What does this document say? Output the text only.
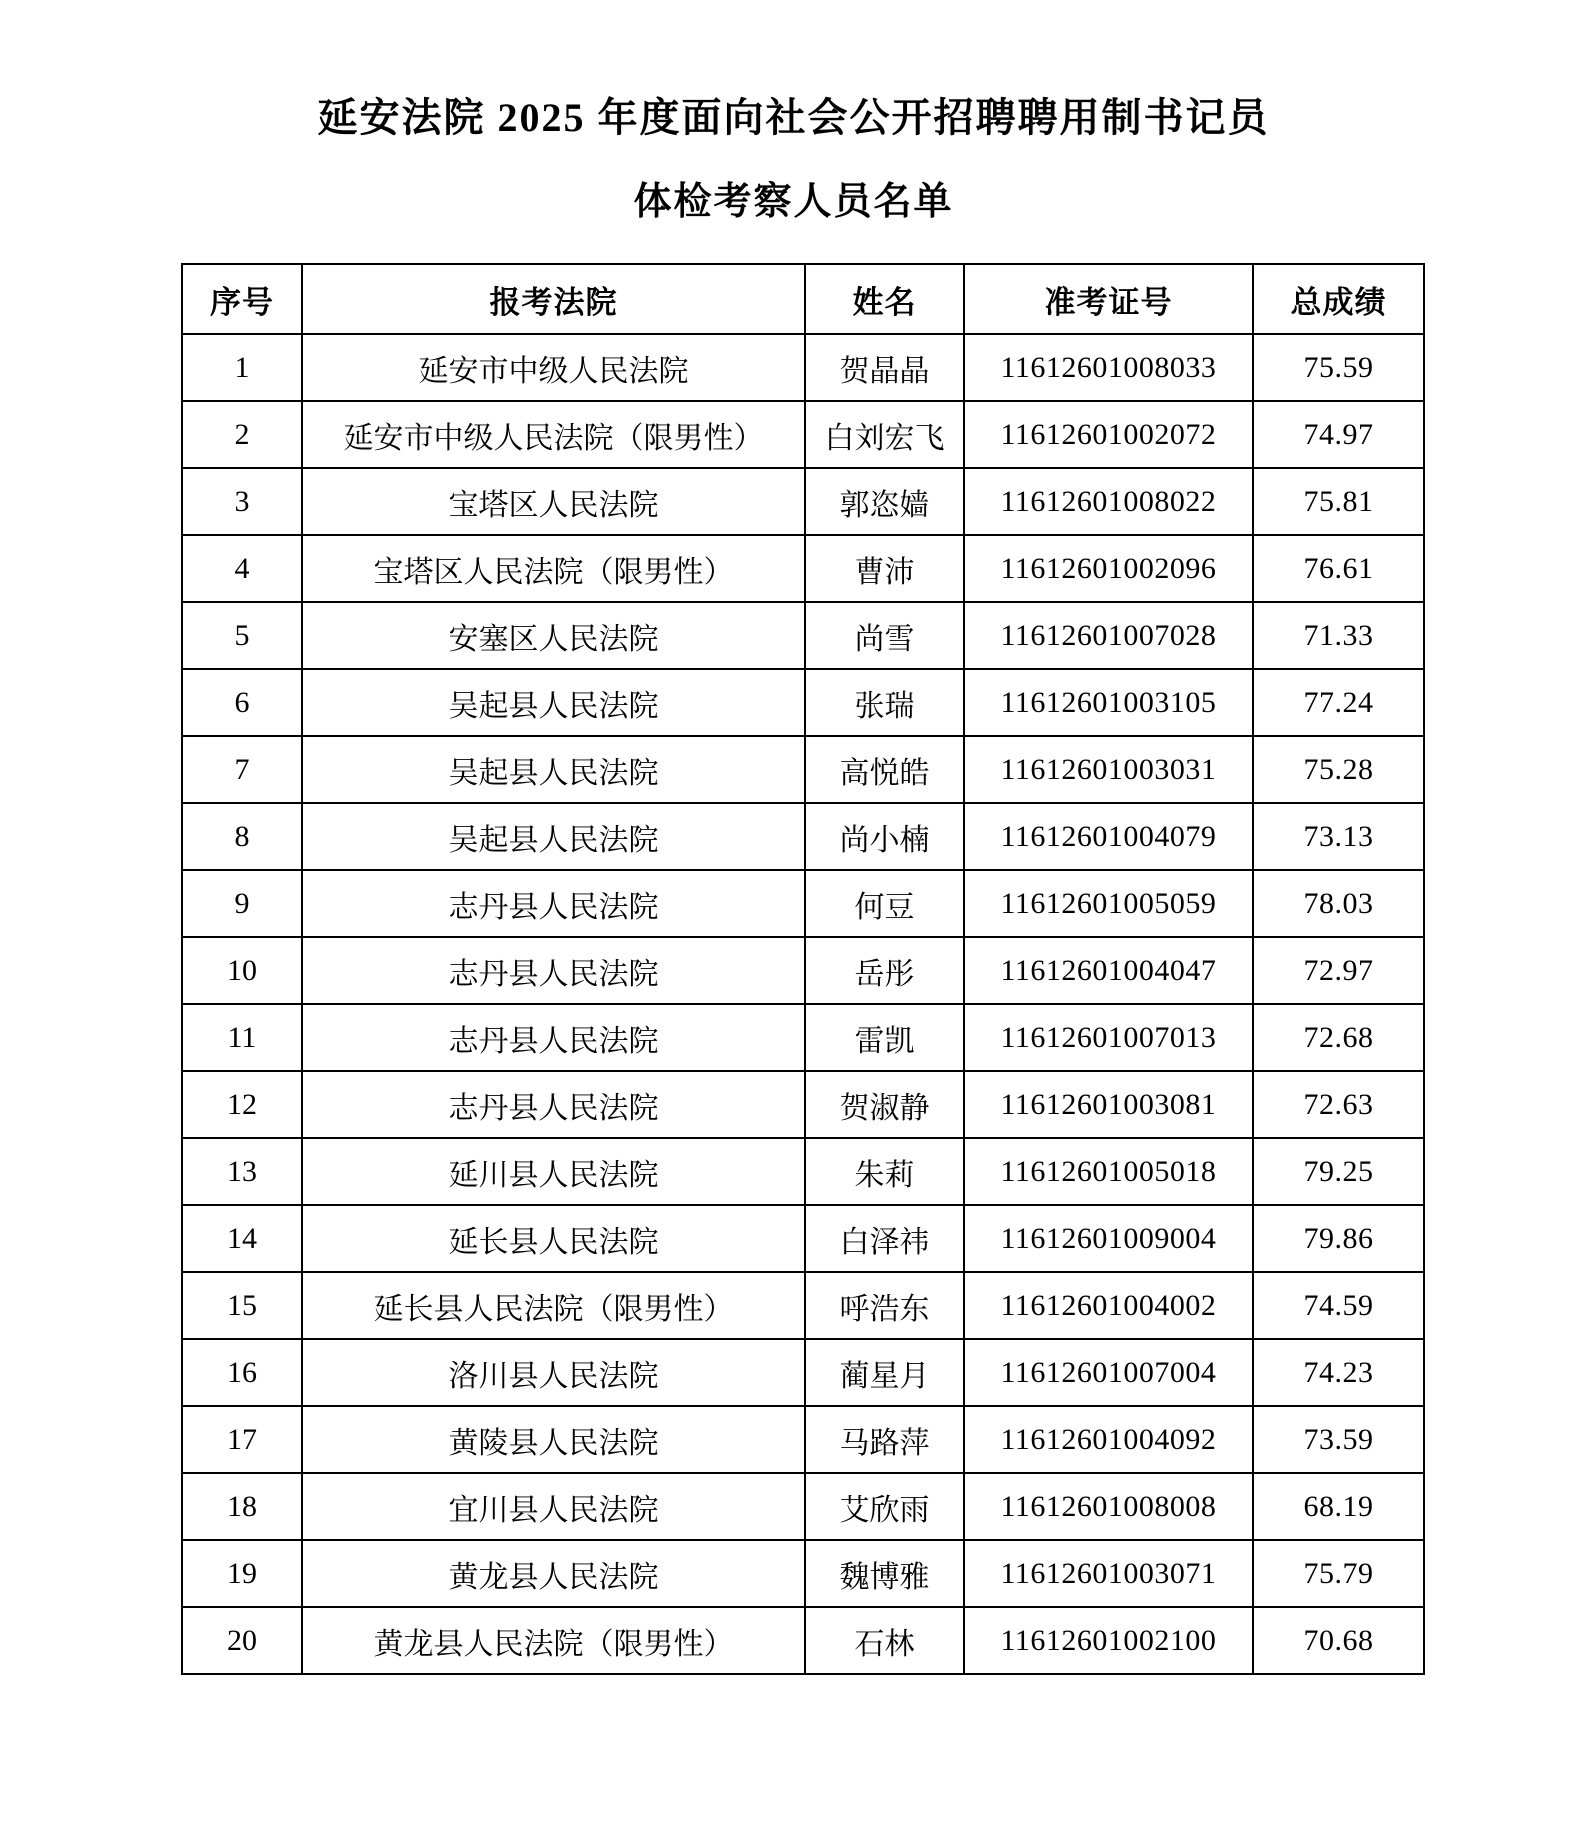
延安法院 2025 年度面向社会公开招聘聘用制书记员
体检考察人员名单
序号	报考法院	姓名	准考证号	总成绩
1	延安市中级人民法院	贺晶晶	11612601008033	75.59
2	延安市中级人民法院（限男性）	白刘宏飞	11612601002072	74.97
3	宝塔区人民法院	郭恣嫱	11612601008022	75.81
4	宝塔区人民法院（限男性）	曹沛	11612601002096	76.61
5	安塞区人民法院	尚雪	11612601007028	71.33
6	吴起县人民法院	张瑞	11612601003105	77.24
7	吴起县人民法院	高悦皓	11612601003031	75.28
8	吴起县人民法院	尚小楠	11612601004079	73.13
9	志丹县人民法院	何豆	11612601005059	78.03
10	志丹县人民法院	岳彤	11612601004047	72.97
11	志丹县人民法院	雷凯	11612601007013	72.68
12	志丹县人民法院	贺淑静	11612601003081	72.63
13	延川县人民法院	朱莉	11612601005018	79.25
14	延长县人民法院	白泽祎	11612601009004	79.86
15	延长县人民法院（限男性）	呼浩东	11612601004002	74.59
16	洛川县人民法院	蔺星月	11612601007004	74.23
17	黄陵县人民法院	马路萍	11612601004092	73.59
18	宜川县人民法院	艾欣雨	11612601008008	68.19
19	黄龙县人民法院	魏博雅	11612601003071	75.79
20	黄龙县人民法院（限男性）	石林	11612601002100	70.68
